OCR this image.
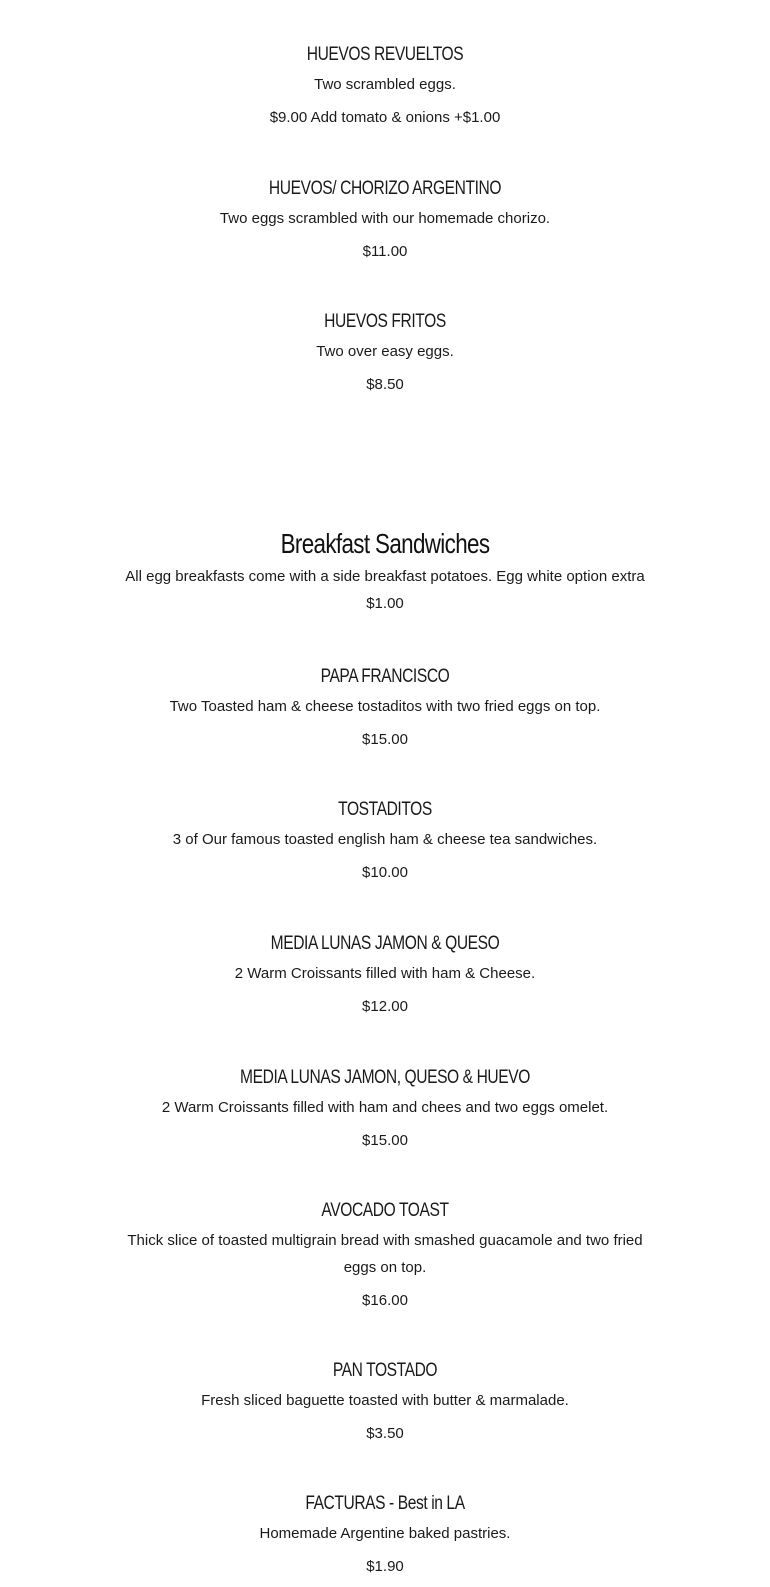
HUEVOS REVUELTOS
Two scrambled eggs.
$9.00 Add tomato & onions +$1.00
HUEVOS/ CHORIZO ARGENTINO
Two eggs scrambled with our homemade chorizo.
$11.00
HUEVOS FRITOS
Two over easy eggs.
$8.50
Breakfast Sandwiches
All egg breakfasts come with a side breakfast potatoes. Egg white option extra $1.00
PAPA FRANCISCO
Two Toasted ham & cheese tostaditos with two fried eggs on top.
$15.00
TOSTADITOS
3 of Our famous toasted english ham & cheese tea sandwiches.
$10.00
MEDIA LUNAS JAMON & QUESO
2 Warm Croissants filled with ham & Cheese.
$12.00
MEDIA LUNAS JAMON, QUESO & HUEVO
2 Warm Croissants filled with ham and chees and two eggs omelet.
$15.00
AVOCADO TOAST
Thick slice of toasted multigrain bread with smashed guacamole and two fried eggs on top.
$16.00
PAN TOSTADO
Fresh sliced baguette toasted with butter & marmalade.
$3.50
FACTURAS - Best in LA
Homemade Argentine baked pastries.
$1.90
